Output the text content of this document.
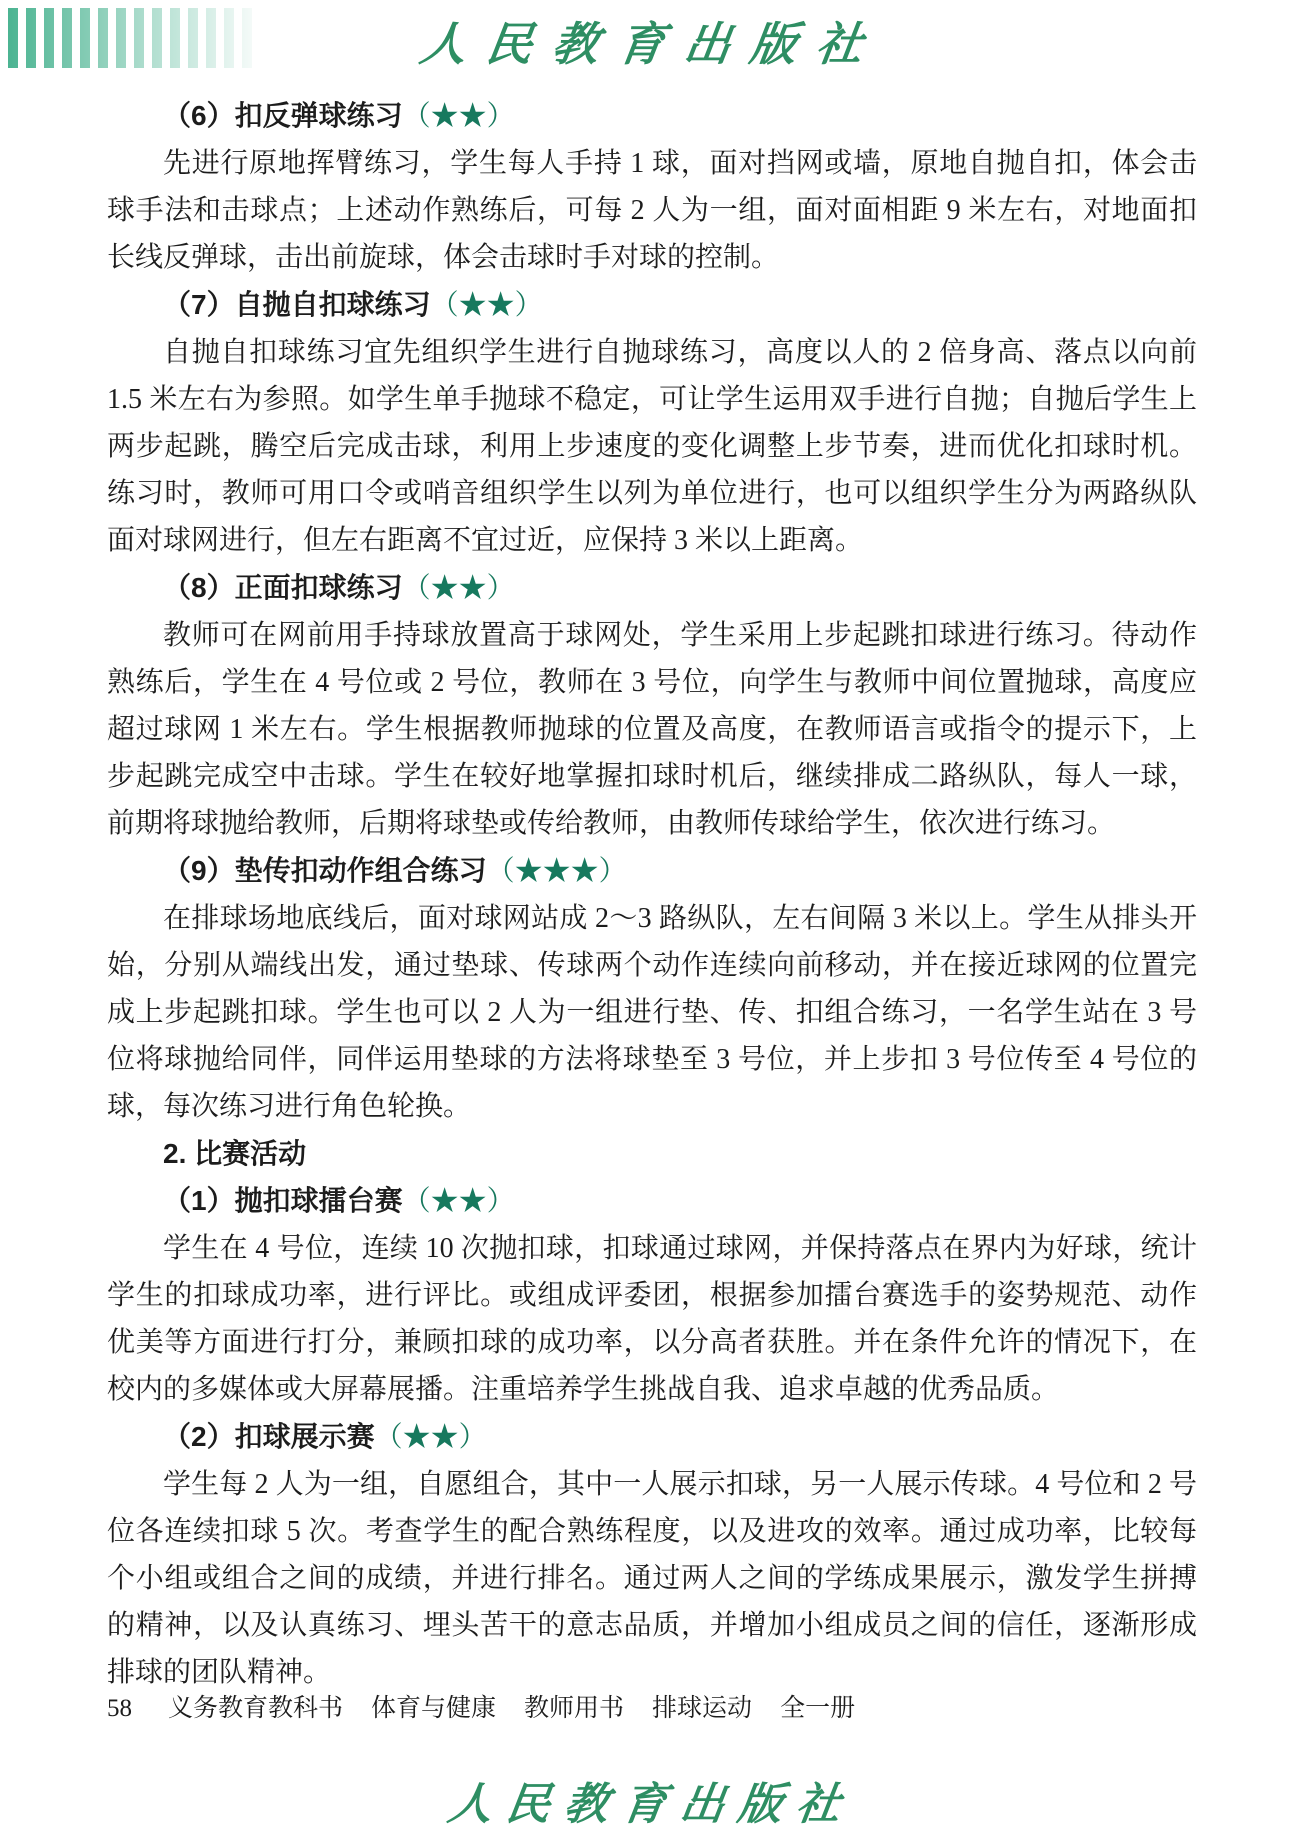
人民教育出版社
（6）扣反弹球练习（★★）

先进行原地挥臂练习，学生每人手持 1 球，面对挡网或墙，原地自抛自扣，体会击球手法和击球点；上述动作熟练后，可每 2 人为一组，面对面相距 9 米左右，对地面扣长线反弹球，击出前旋球，体会击球时手对球的控制。

（7）自抛自扣球练习（★★）

自抛自扣球练习宜先组织学生进行自抛球练习，高度以人的 2 倍身高、落点以向前 1.5 米左右为参照。如学生单手抛球不稳定，可让学生运用双手进行自抛；自抛后学生上两步起跳，腾空后完成击球，利用上步速度的变化调整上步节奏，进而优化扣球时机。练习时，教师可用口令或哨音组织学生以列为单位进行，也可以组织学生分为两路纵队面对球网进行，但左右距离不宜过近，应保持 3 米以上距离。

（8）正面扣球练习（★★）

教师可在网前用手持球放置高于球网处，学生采用上步起跳扣球进行练习。待动作熟练后，学生在 4 号位或 2 号位，教师在 3 号位，向学生与教师中间位置抛球，高度应超过球网 1 米左右。学生根据教师抛球的位置及高度，在教师语言或指令的提示下，上步起跳完成空中击球。学生在较好地掌握扣球时机后，继续排成二路纵队，每人一球，前期将球抛给教师，后期将球垫或传给教师，由教师传球给学生，依次进行练习。

（9）垫传扣动作组合练习（★★★）

在排球场地底线后，面对球网站成 2～3 路纵队，左右间隔 3 米以上。学生从排头开始，分别从端线出发，通过垫球、传球两个动作连续向前移动，并在接近球网的位置完成上步起跳扣球。学生也可以 2 人为一组进行垫、传、扣组合练习，一名学生站在 3 号位将球抛给同伴，同伴运用垫球的方法将球垫至 3 号位，并上步扣 3 号位传至 4 号位的球，每次练习进行角色轮换。

2. 比赛活动
（1）抛扣球擂台赛（★★）

学生在 4 号位，连续 10 次抛扣球，扣球通过球网，并保持落点在界内为好球，统计学生的扣球成功率，进行评比。或组成评委团，根据参加擂台赛选手的姿势规范、动作优美等方面进行打分，兼顾扣球的成功率，以分高者获胜。并在条件允许的情况下，在校内的多媒体或大屏幕展播。注重培养学生挑战自我、追求卓越的优秀品质。

（2）扣球展示赛（★★）

学生每 2 人为一组，自愿组合，其中一人展示扣球，另一人展示传球。4 号位和 2 号位各连续扣球 5 次。考查学生的配合熟练程度，以及进攻的效率。通过成功率，比较每个小组或组合之间的成绩，并进行排名。通过两人之间的学练成果展示，激发学生拼搏的精神，以及认真练习、埋头苦干的意志品质，并增加小组成员之间的信任，逐渐形成排球的团队精神。

58 义务教育教科书 体育与健康 教师用书 排球运动 全一册
人民教育出版社
